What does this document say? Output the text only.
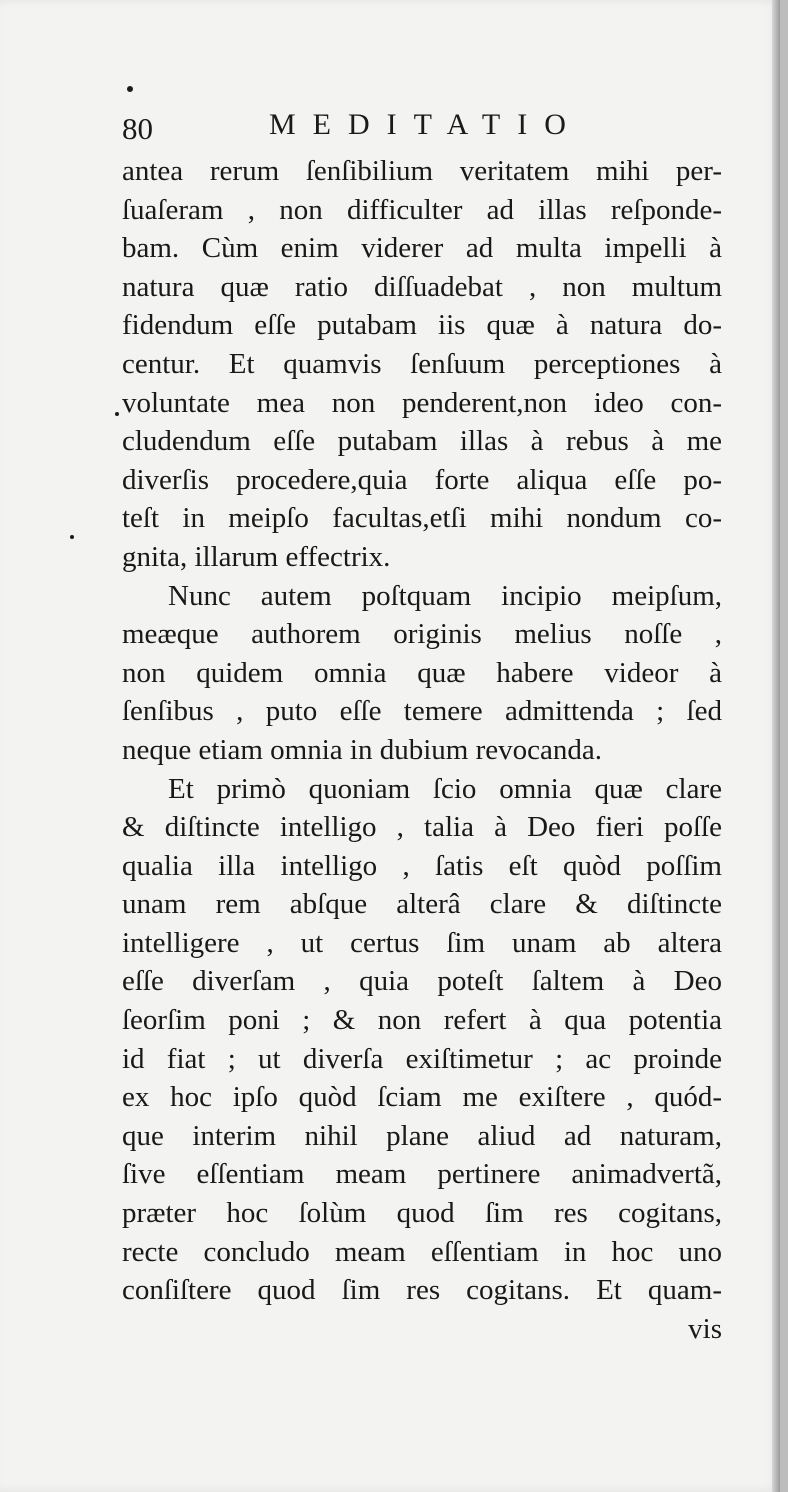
80	MEDITATIO
antea rerum ſenſibilium veritatem mihi per-
ſuaſeram , non difficulter ad illas reſponde-
bam. Cùm enim viderer ad multa impelli à
natura quæ ratio diſſuadebat , non multum
fidendum eſſe putabam iis quæ à natura do-
centur. Et quamvis ſenſuum perceptiones à
voluntate mea non penderent,non ideo con-
cludendum eſſe putabam illas à rebus à me
diverſis procedere,quia forte aliqua eſſe po-
teſt in meipſo facultas,etſi mihi nondum co-
gnita, illarum effectrix.
Nunc autem poſtquam incipio meipſum,
meæque authorem originis melius noſſe ,
non quidem omnia quæ habere videor à
ſenſibus , puto eſſe temere admittenda ; ſed
neque etiam omnia in dubium revocanda.
Et primò quoniam ſcio omnia quæ clare
& diſtincte intelligo , talia à Deo fieri poſſe
qualia illa intelligo , ſatis eſt quòd poſſim
unam rem abſque alterâ clare & diſtincte
intelligere , ut certus ſim unam ab altera
eſſe diverſam , quia poteſt ſaltem à Deo
ſeorſim poni ; & non refert à qua potentia
id fiat ; ut diverſa exiſtimetur ; ac proinde
ex hoc ipſo quòd ſciam me exiſtere , quód-
que interim nihil plane aliud ad naturam,
ſive eſſentiam meam pertinere animadvertã,
præter hoc ſolùm quod ſim res cogitans,
recte concludo meam eſſentiam in hoc uno
conſiſtere quod ſim res cogitans. Et quam-
vis
